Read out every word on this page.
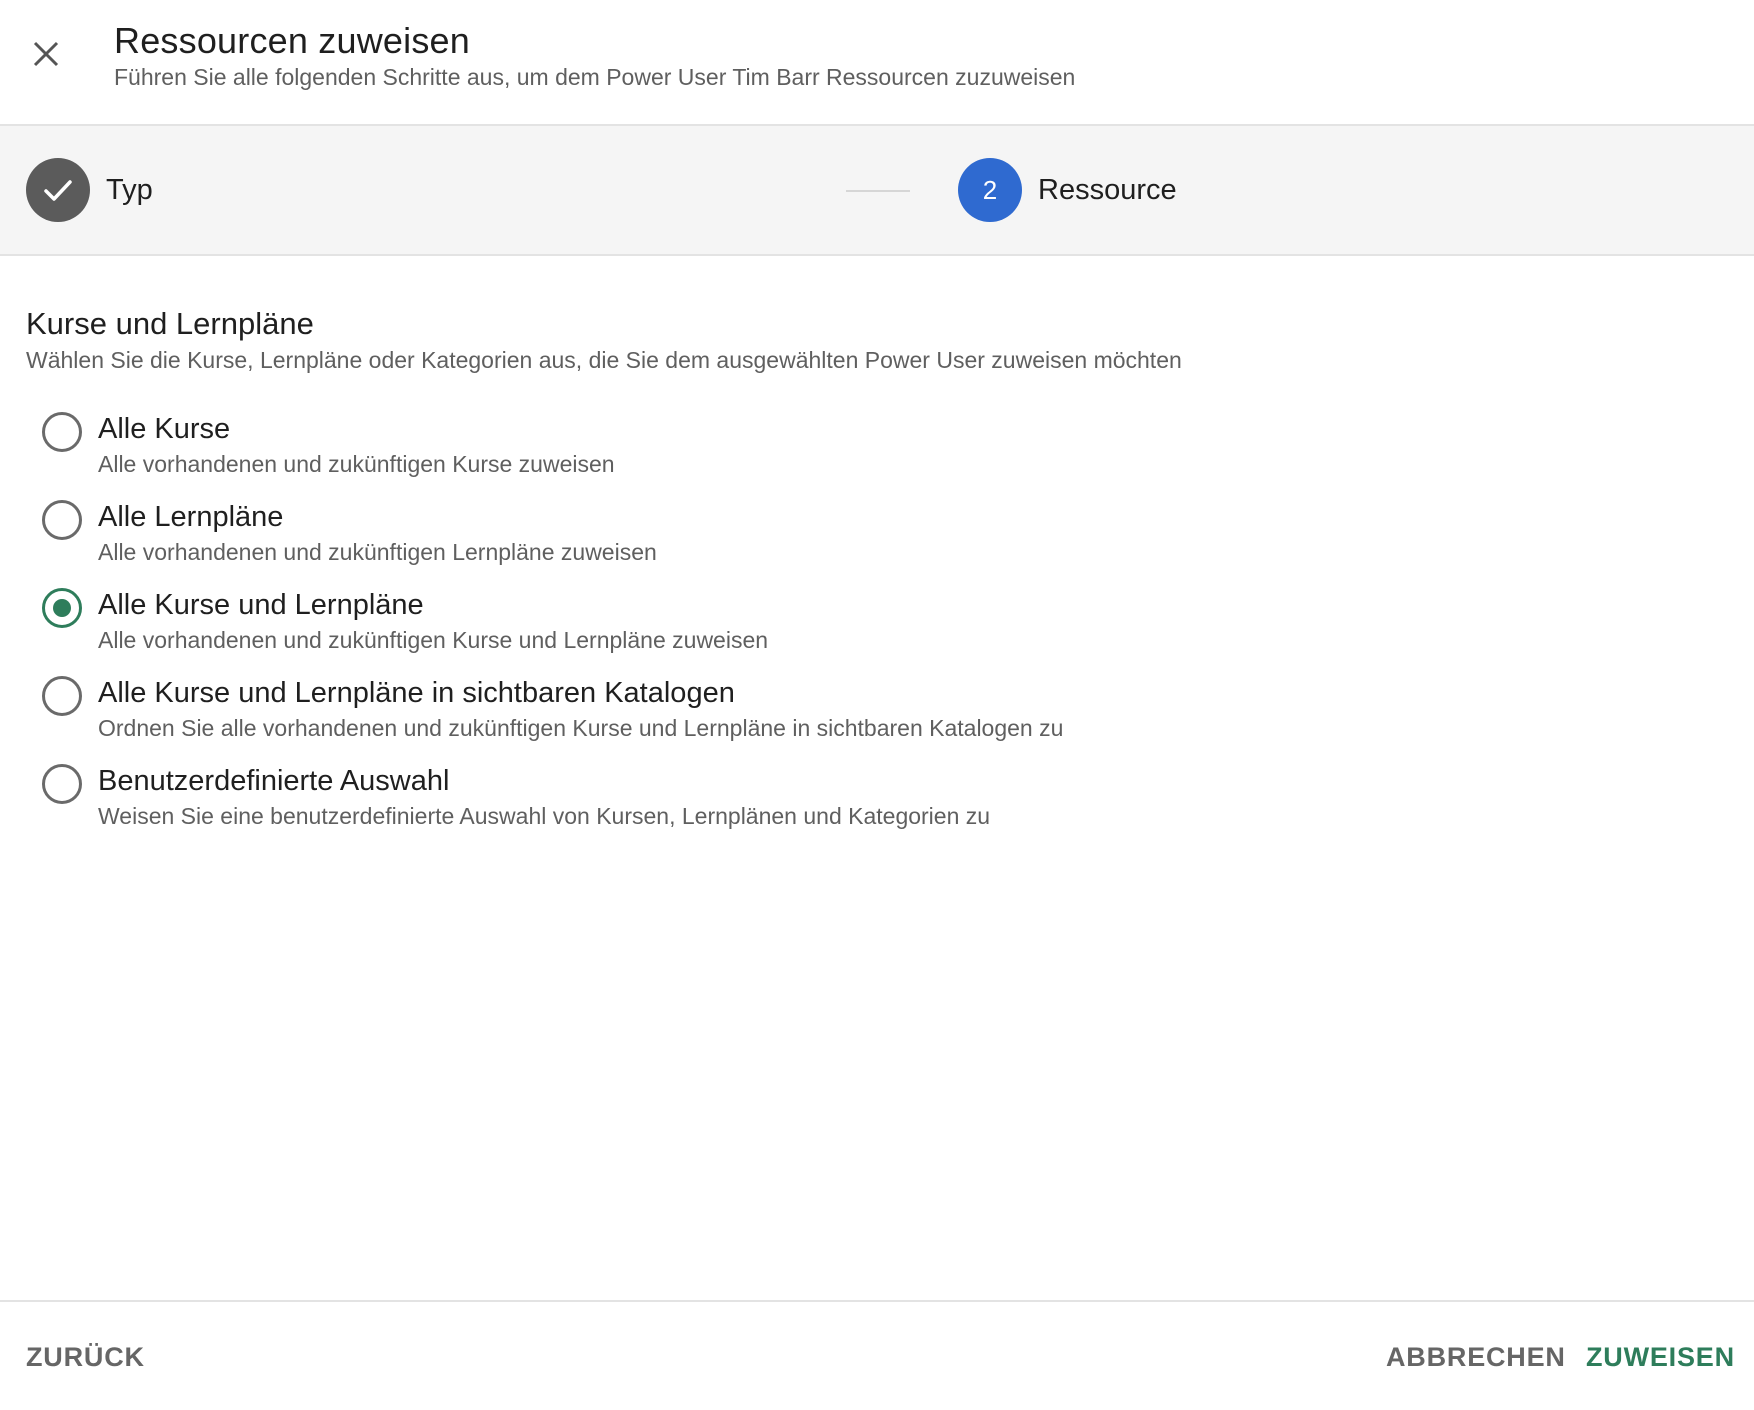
Ressourcen zuweisen
Führen Sie alle folgenden Schritte aus, um dem Power User Tim Barr Ressourcen zuzuweisen
Typ	2	Ressource
Kurse und Lernpläne
Wählen Sie die Kurse, Lernpläne oder Kategorien aus, die Sie dem ausgewählten Power User zuweisen möchten
Alle Kurse
Alle vorhandenen und zukünftigen Kurse zuweisen
Alle Lernpläne
Alle vorhandenen und zukünftigen Lernpläne zuweisen
Alle Kurse und Lernpläne
Alle vorhandenen und zukünftigen Kurse und Lernpläne zuweisen
Alle Kurse und Lernpläne in sichtbaren Katalogen
Ordnen Sie alle vorhandenen und zukünftigen Kurse und Lernpläne in sichtbaren Katalogen zu
Benutzerdefinierte Auswahl
Weisen Sie eine benutzerdefinierte Auswahl von Kursen, Lernplänen und Kategorien zu
ZURÜCK	ABBRECHEN ZUWEISEN
